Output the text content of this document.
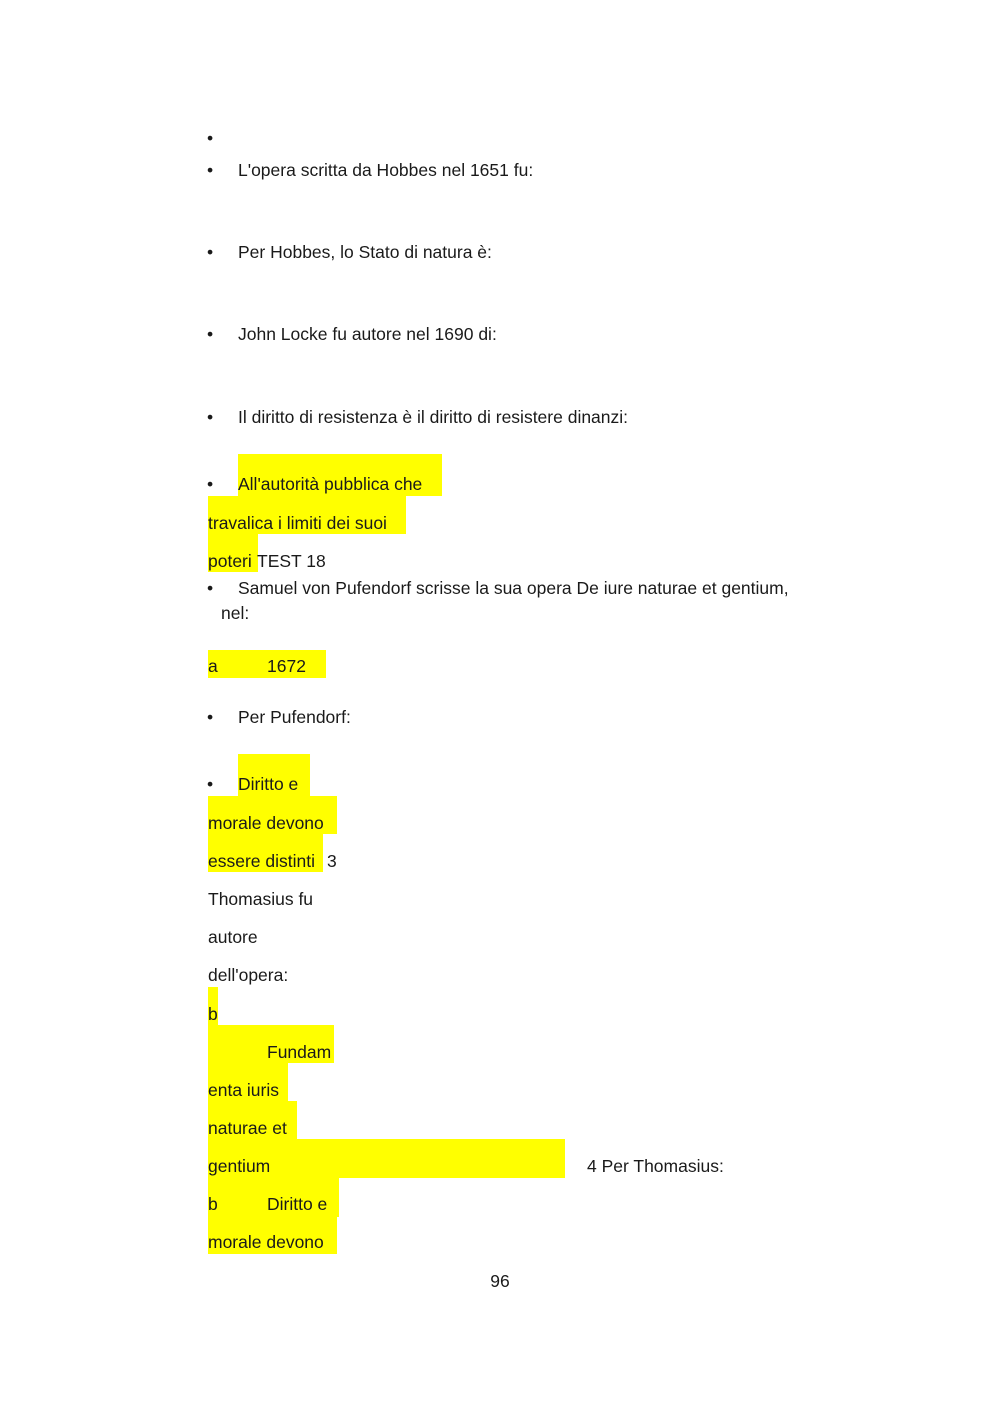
•
•
•
•
•
•
•
•
•
L'opera scritta da Hobbes nel 1651 fu:
Per Hobbes, lo Stato di natura è:
John Locke fu autore nel 1690 di:
Il diritto di resistenza è il diritto di resistere dinanzi:
All'autorità pubblica che
travalica i limiti dei suoi
poteri TEST 18
Samuel von Pufendorf scrisse la sua opera De iure naturae et gentium,
nel:
a	1672
Per Pufendorf:
Diritto e
morale devono
essere distinti 3
Thomasius fu
autore
dell'opera:
b
Fundam
enta iuris
naturae et
gentium	4 Per Thomasius:
b	Diritto e
morale devono
96
